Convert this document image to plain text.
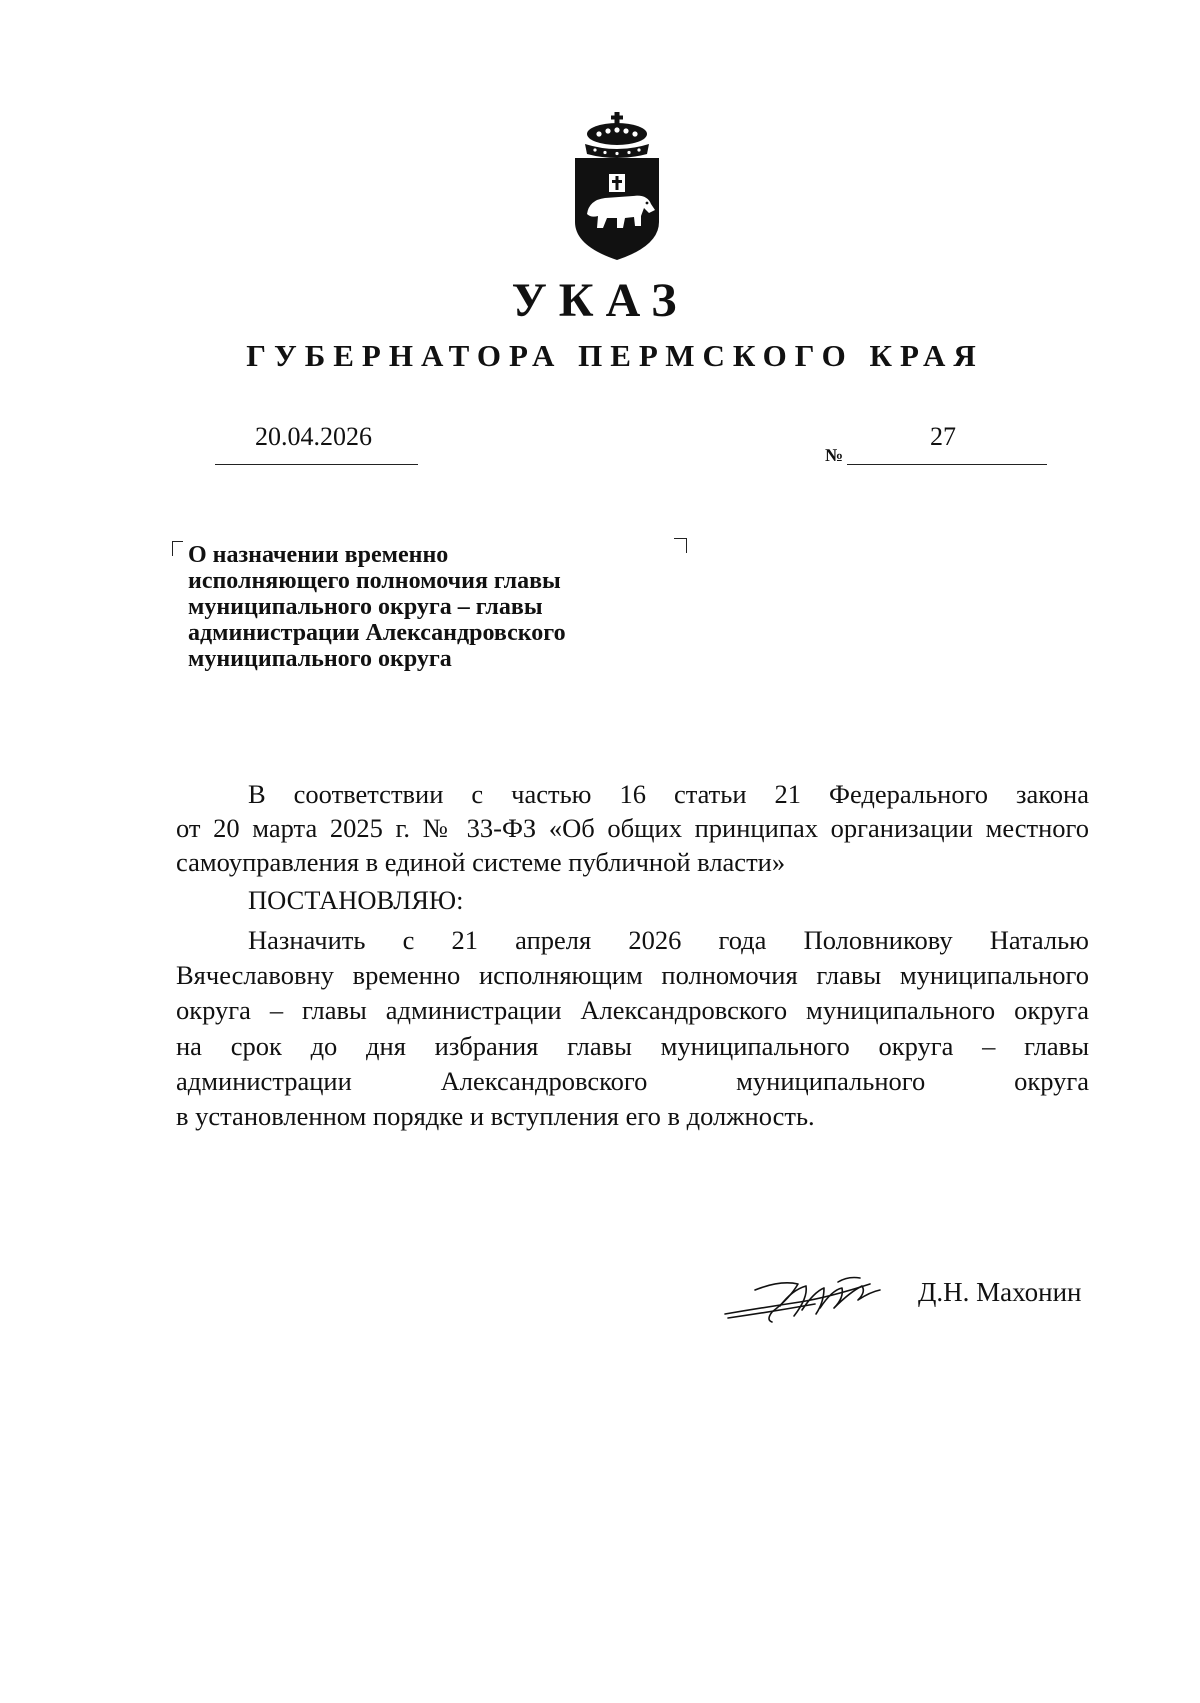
УКАЗ
ГУБЕРНАТОРА ПЕРМСКОГО КРАЯ
20.04.2026
№
27
О назначении временно
исполняющего полномочия главы
муниципального округа – главы
администрации Александровского
муниципального округа
В соответствии с частью 16 статьи 21 Федерального закона
от 20 марта 2025 г. № 33-ФЗ «Об общих принципах организации местного
самоуправления в единой системе публичной власти»
ПОСТАНОВЛЯЮ:
Назначить с 21 апреля 2026 года Половникову Наталью
Вячеславовну временно исполняющим полномочия главы муниципального
округа – главы администрации Александровского муниципального округа
на срок до дня избрания главы муниципального округа – главы
администрации Александровского муниципального округа
в установленном порядке и вступления его в должность.
Д.Н. Махонин
